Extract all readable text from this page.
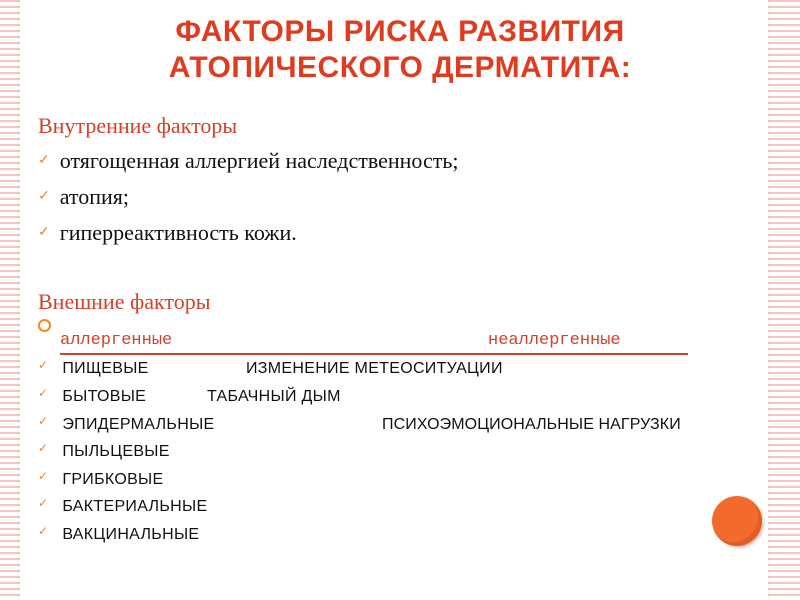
ФАКТОРЫ РИСКА РАЗВИТИЯ
АТОПИЧЕСКОГО ДЕРМАТИТА:
Внутренние факторы
✓ отягощенная аллергией наследственность;
✓ атопия;
✓ гиперреактивность кожи.
Внешние факторы
аллергенные	неаллергенные
✓ ПИЩЕВЫЕ	ИЗМЕНЕНИЕ МЕТЕОСИТУАЦИИ
✓ БЫТОВЫЕ	ТАБАЧНЫЙ ДЫМ
✓ ЭПИДЕРМАЛЬНЫЕ	ПСИХОЭМОЦИОНАЛЬНЫЕ НАГРУЗКИ
✓ ПЫЛЬЦЕВЫЕ
✓ ГРИБКОВЫЕ
✓ БАКТЕРИАЛЬНЫЕ
✓ ВАКЦИНАЛЬНЫЕ
